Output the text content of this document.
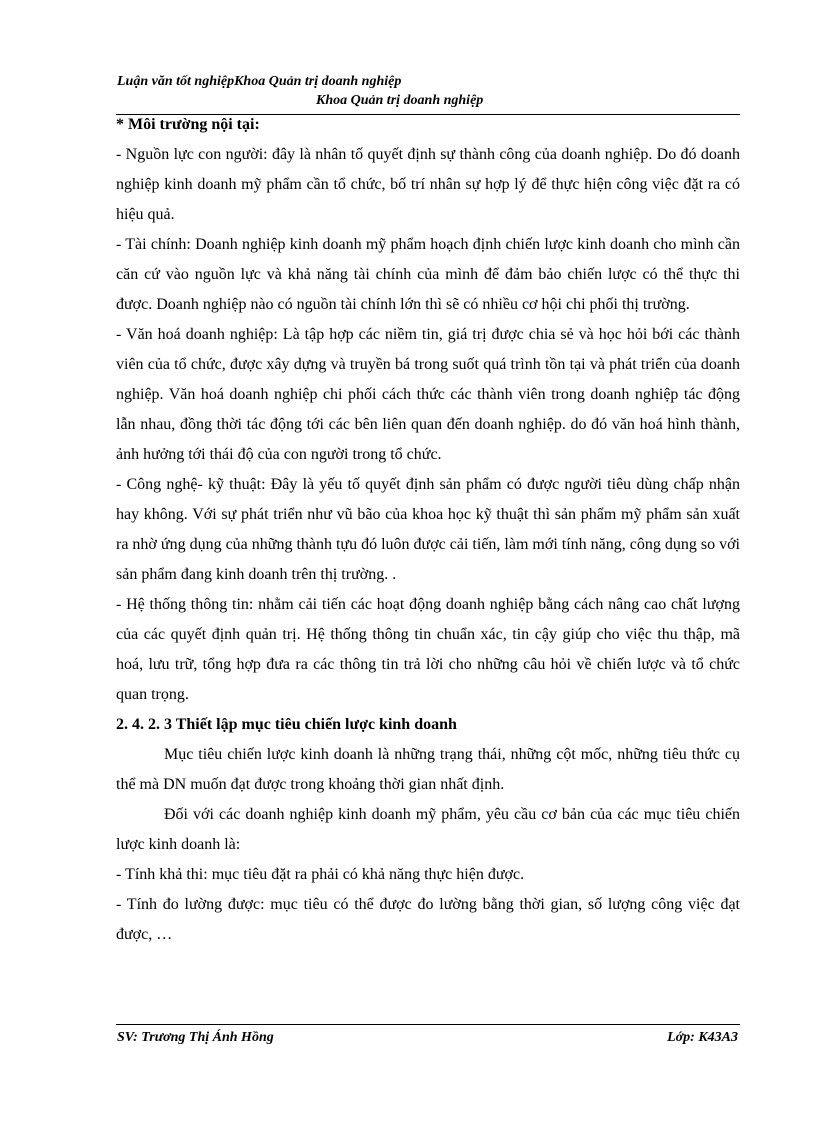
Luận văn tốt nghiệpKhoa Quản trị doanh nghiệp
Khoa Quản trị doanh nghiệp

* Môi trường nội tại:

- Nguồn lực con người: đây là nhân tố quyết định sự thành công của doanh nghiệp. Do đó doanh nghiệp kinh doanh mỹ phẩm cần tổ chức, bố trí nhân sự hợp lý để thực hiện công việc đặt ra có hiệu quả.

- Tài chính: Doanh nghiệp kinh doanh mỹ phẩm hoạch định chiến lược kinh doanh cho mình cần căn cứ vào nguồn lực và khả năng tài chính của mình để đảm bảo chiến lược có thể thực thi được. Doanh nghiệp nào có nguồn tài chính lớn thì sẽ có nhiều cơ hội chi phối thị trường.

- Văn hoá doanh nghiệp: Là tập hợp các niềm tin, giá trị được chia sẻ và học hỏi bới các thành viên của tổ chức, được xây dựng và truyền bá trong suốt quá trình tồn tại và phát triển của doanh nghiệp. Văn hoá doanh nghiệp chi phối cách thức các thành viên trong doanh nghiệp tác động lẫn nhau, đồng thời tác động tới các bên liên quan đến doanh nghiệp. do đó văn hoá hình thành, ảnh hưởng tới thái độ của con người trong tổ chức.

- Công nghệ- kỹ thuật: Đây là yếu tố quyết định sản phẩm có được người tiêu dùng chấp nhận hay không. Với sự phát triển như vũ bão của khoa học kỹ thuật thì sản phẩm mỹ phẩm sản xuất ra nhờ ứng dụng của những thành tựu đó luôn được cải tiến, làm mới tính năng, công dụng so với sản phẩm đang kinh doanh trên thị trường. .

- Hệ thống thông tin: nhằm cải tiến các hoạt động doanh nghiệp bằng cách nâng cao chất lượng của các quyết định quản trị. Hệ thống thông tin chuẩn xác, tin cậy giúp cho việc thu thập, mã hoá, lưu trữ, tổng hợp đưa ra các thông tin trả lời cho những câu hỏi về chiến lược và tổ chức quan trọng.

2. 4. 2. 3 Thiết lập mục tiêu chiến lược kinh doanh

Mục tiêu chiến lược kinh doanh là những trạng thái, những cột mốc, những tiêu thức cụ thể mà DN muốn đạt được trong khoảng thời gian nhất định.

Đối với các doanh nghiệp kinh doanh mỹ phẩm, yêu cầu cơ bản của các mục tiêu chiến lược kinh doanh là:

- Tính khả thi: mục tiêu đặt ra phải có khả năng thực hiện được.

- Tính đo lường được: mục tiêu có thể được đo lường bằng thời gian, số lượng công việc đạt được, …

SV: Trương Thị Ánh Hồng	Lớp: K43A3
